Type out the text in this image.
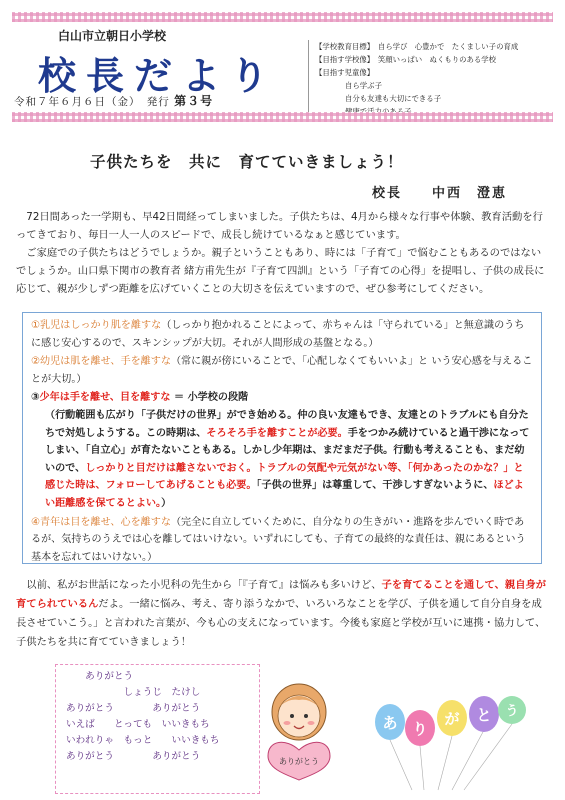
白山市立朝日小学校
校長だより
令和７年６月６日（金）　発行 第３号
【学校教育目標】　自ら学び　心豊かで　たくましい子の育成
【目指す学校像】　笑顔いっぱい　ぬくもりのある学校
【目指す児童像】
自ら学ぶ子
自分も友達も大切にできる子
子供たちを　共に　育てていきましょう！
校長　　中西　澄恵
　72日間あった一学期も、早42日間経ってしまいました。子供たちは、4月から様々な行事や体験、教育活動を行ってきており、毎日一人一人のスピードで、成長し続けているなぁと感じています。
　ご家庭での子供たちはどうでしょうか。親子ということもあり、時には「子育て」で悩むこともあるのではないでしょうか。山口県下関市の教育者 緒方甫先生が『子育て四訓』という「子育ての心得」を提唱し、子供の成長に応じて、親が少しずつ距離を広げていくことの大切さを伝えていますので、ぜひ参考にしてください。
①乳児はしっかり肌を離すな（しっかり抱かれることによって、赤ちゃんは「守られている」と無意識のうちに感じ安心するので、スキンシップが大切。それが人間形成の基盤となる。）
②幼児は肌を離せ、手を離すな（常に親が傍にいることで、「心配しなくてもいいよ」と いう安心感を与えることが大切。）
③少年は手を離せ、目を離すな ＝ 小学校の段階
（行動範囲も広がり「子供だけの世界」ができ始める。仲の良い友達もでき、友達とのトラブルにも自分たちで対処しようする。この時期は、そろそろ手を離すことが必要。手をつかみ続けていると過干渉になってしまい、「自立心」が育たないこともある。しかし少年期は、まだまだ子供。行動も考えることも、まだ幼いので、しっかりと目だけは離さないでおく。トラブルの気配や元気がない等、「何かあったのかな？」と感じた時は、フォローしてあげることも必要。「子供の世界」は尊重して、干渉しすぎないように、ほどよい距離感を保てるとよい。）
④青年は目を離せ、心を離すな（完全に自立していくために、自分なりの生きがい・進路を歩んでいく時であるが、気持ちのうえでは心を離してはいけない。いずれにしても、子育ての最終的な責任は、親にあるという基本を忘れてはいけない。）
　以前、私がお世話になった小児科の先生から「『子育て』は悩みも多いけど、子を育てることを通して、親自身が育てられているんだよ。一緒に悩み、考え、寄り添うなかで、いろいろなことを学び、子供を通して自分自身を成長させていこう。」と言われた言葉が、今も心の支えになっています。今後も家庭と学校が互いに連携・協力して、子供たちを共に育てていきましょう！
　　ありがとう
　　　　　　しょうじ　たけし
ありがとう　　　　ありがとう
いえば　　とっても　いいきもち
いわれりゃ　もっと　　いいきもち
ありがとう　　　　ありがとう	ありがとう
あ り
が と う
